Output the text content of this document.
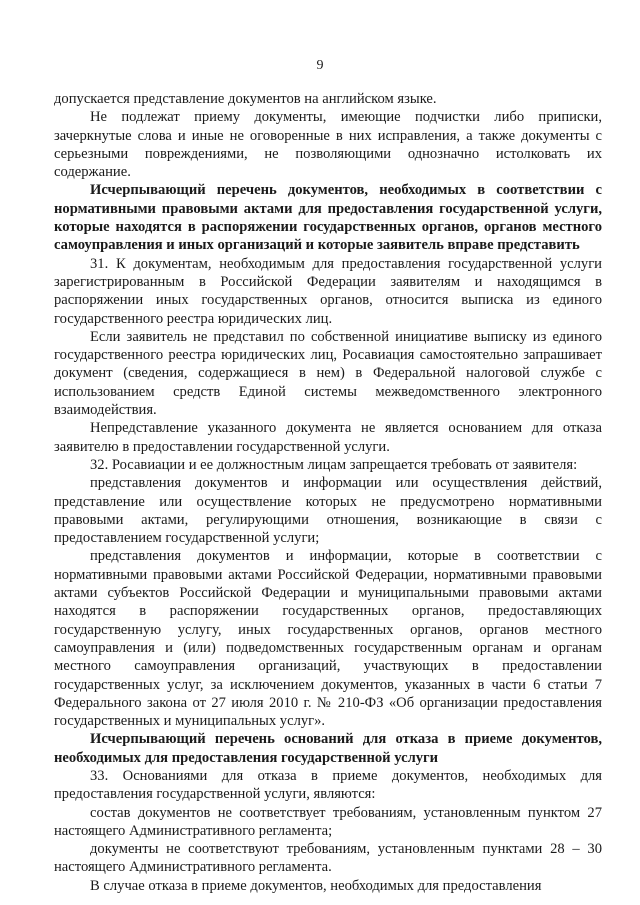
9

допускается представление документов на английском языке.

Не подлежат приему документы, имеющие подчистки либо приписки, зачеркнутые слова и иные не оговоренные в них исправления, а также документы с серьезными повреждениями, не позволяющими однозначно истолковать их содержание.

Исчерпывающий перечень документов, необходимых в соответствии с нормативными правовыми актами для предоставления государственной услуги, которые находятся в распоряжении государственных органов, органов местного самоуправления и иных организаций и которые заявитель вправе представить

31. К документам, необходимым для предоставления государственной услуги зарегистрированным в Российской Федерации заявителям и находящимся в распоряжении иных государственных органов, относится выписка из единого государственного реестра юридических лиц.

Если заявитель не представил по собственной инициативе выписку из единого государственного реестра юридических лиц, Росавиация самостоятельно запрашивает документ (сведения, содержащиеся в нем) в Федеральной налоговой службе с использованием средств Единой системы межведомственного электронного взаимодействия.

Непредставление указанного документа не является основанием для отказа заявителю в предоставлении государственной услуги.

32. Росавиации и ее должностным лицам запрещается требовать от заявителя:

представления документов и информации или осуществления действий, представление или осуществление которых не предусмотрено нормативными правовыми актами, регулирующими отношения, возникающие в связи с предоставлением государственной услуги;

представления документов и информации, которые в соответствии с нормативными правовыми актами Российской Федерации, нормативными правовыми актами субъектов Российской Федерации и муниципальными правовыми актами находятся в распоряжении государственных органов, предоставляющих государственную услугу, иных государственных органов, органов местного самоуправления и (или) подведомственных государственным органам и органам местного самоуправления организаций, участвующих в предоставлении государственных услуг, за исключением документов, указанных в части 6 статьи 7 Федерального закона от 27 июля 2010 г. № 210-ФЗ «Об организации предоставления государственных и муниципальных услуг».

Исчерпывающий перечень оснований для отказа в приеме документов, необходимых для предоставления государственной услуги

33. Основаниями для отказа в приеме документов, необходимых для предоставления государственной услуги, являются:

состав документов не соответствует требованиям, установленным пунктом 27 настоящего Административного регламента;

документы не соответствуют требованиям, установленным пунктами 28 – 30 настоящего Административного регламента.

В случае отказа в приеме документов, необходимых для предоставления
